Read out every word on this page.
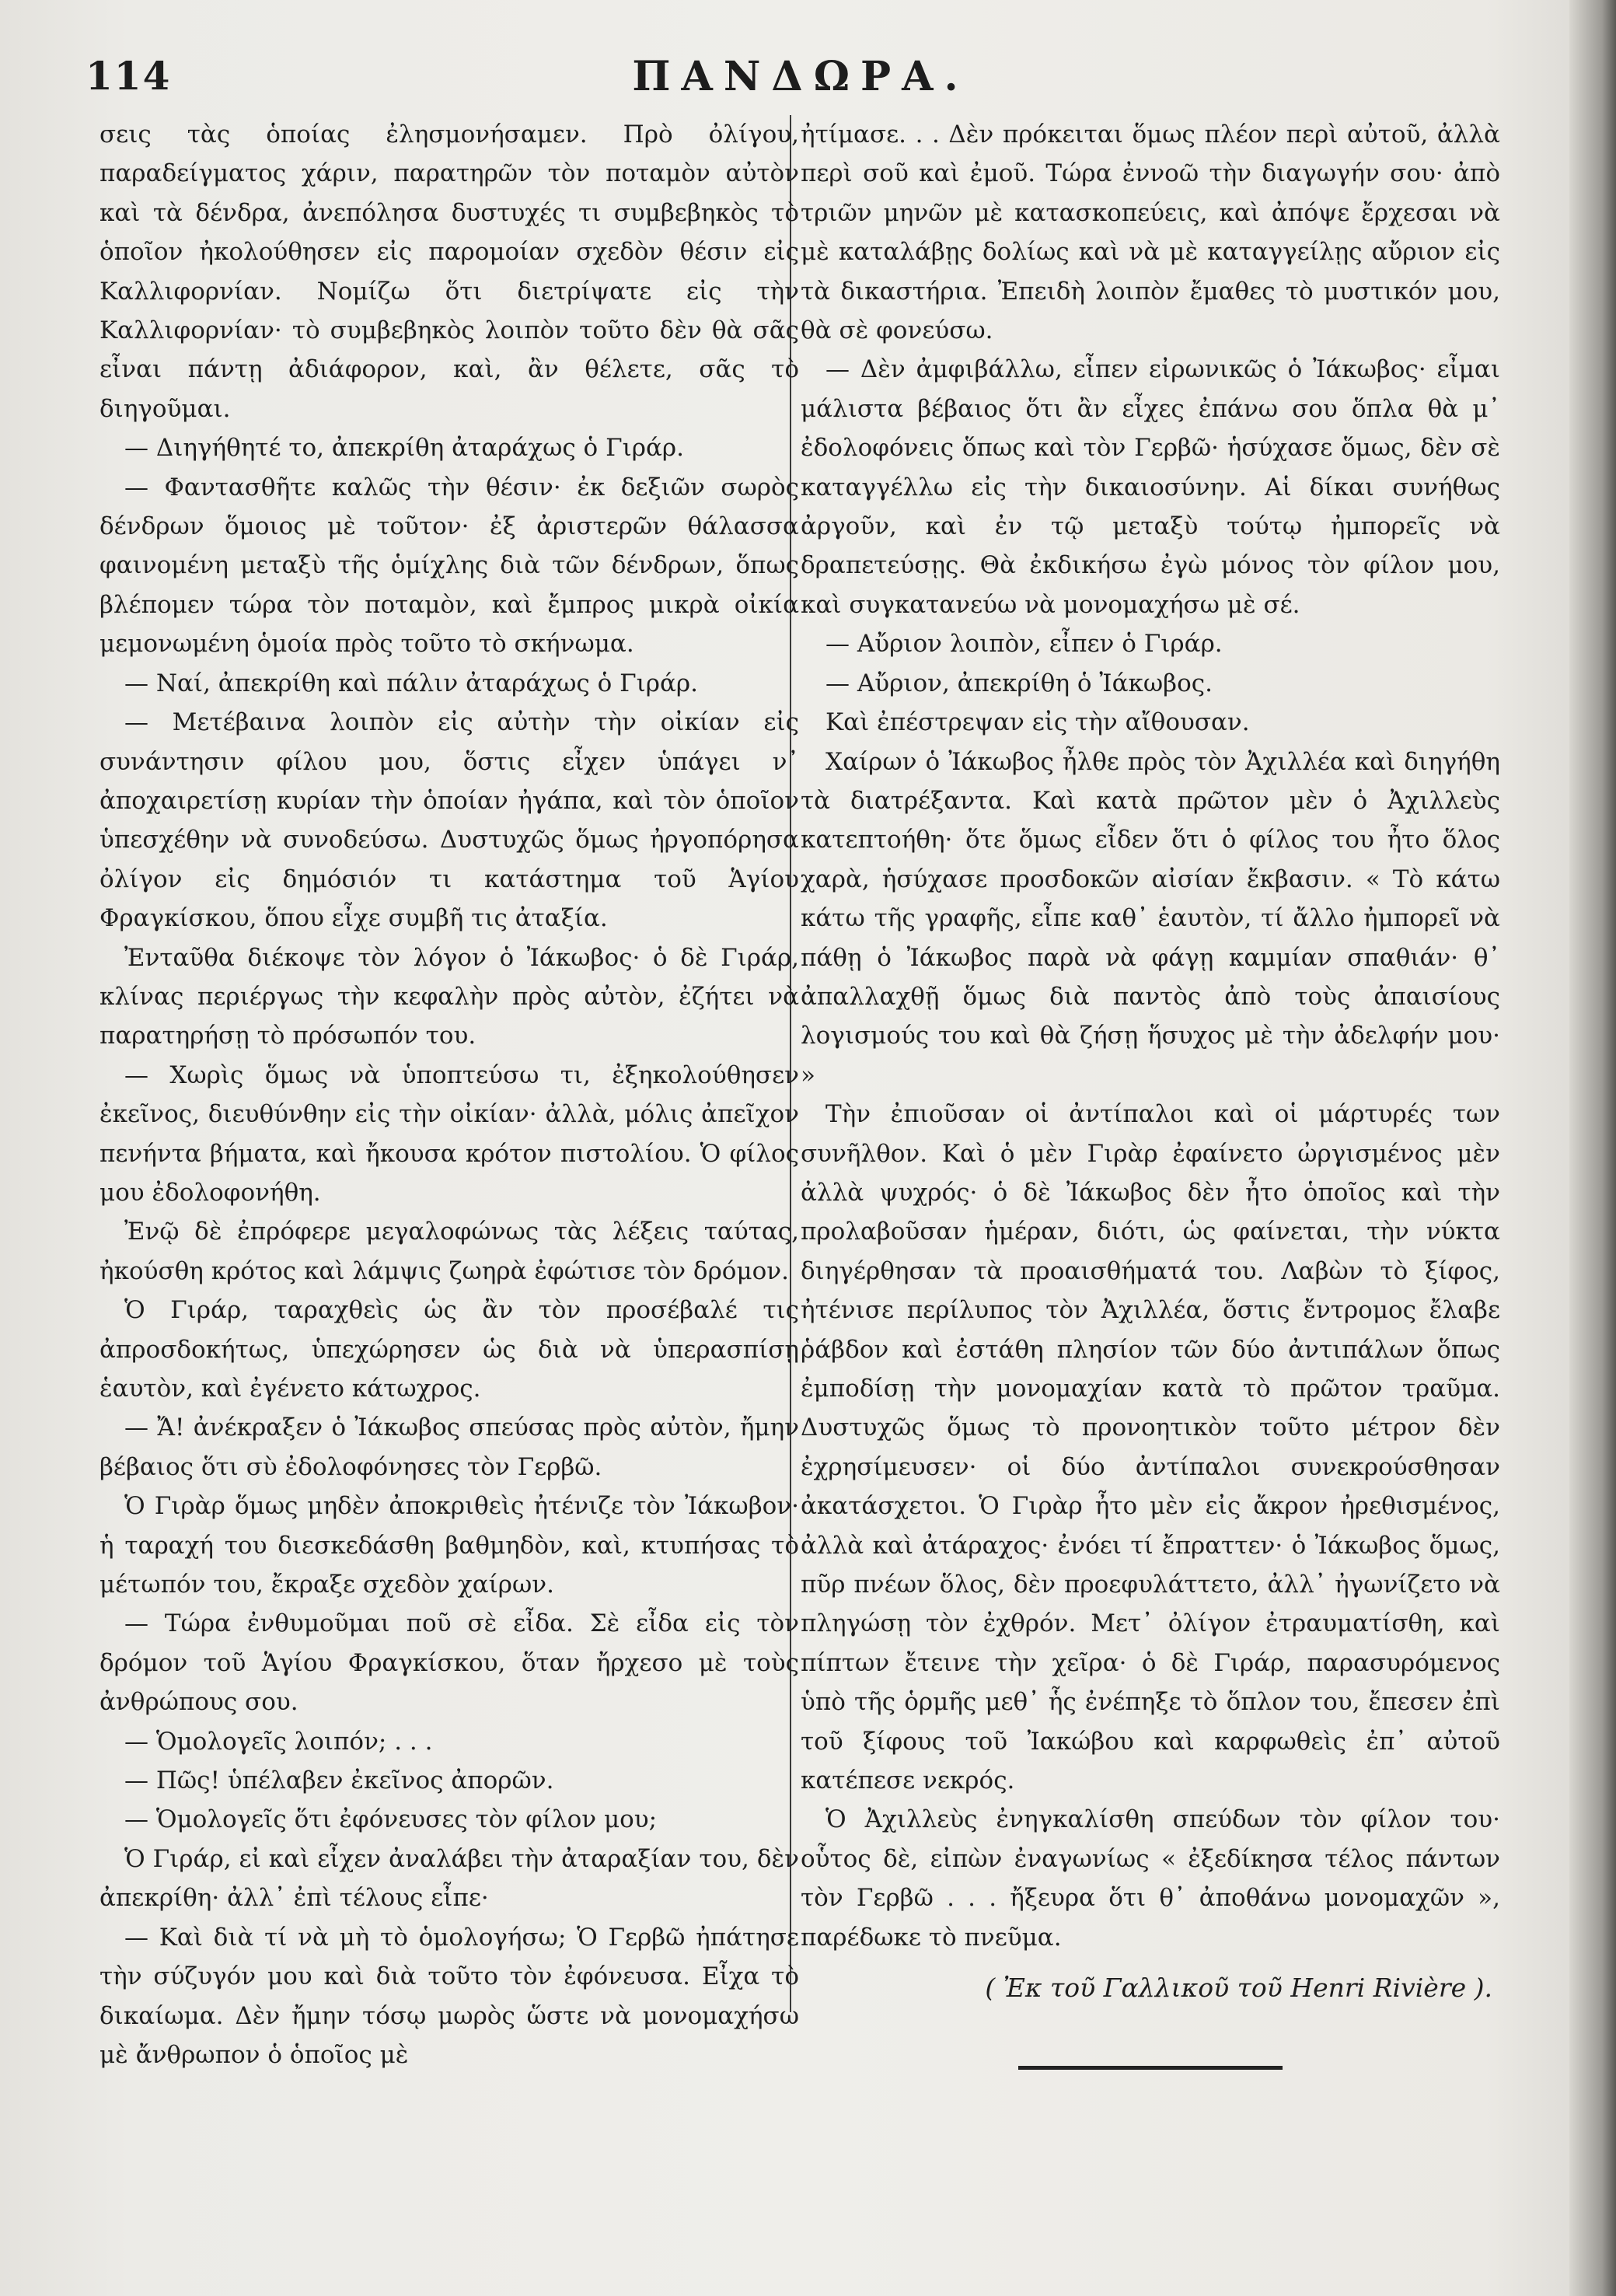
114	ΠΑΝΔΩΡΑ.

σεις τὰς ὁποίας ἐλησμονήσαμεν. Πρὸ ὀλίγου, παραδείγματος χάριν, παρατηρῶν τὸν ποταμὸν αὐτὸν καὶ τὰ δένδρα, ἀνεπόλησα δυστυχές τι συμβεβηκὸς τὸ ὁποῖον ἠκολούθησεν εἰς παρομοίαν σχεδὸν θέσιν εἰς Καλλιφορνίαν. Νομίζω ὅτι διετρίψατε εἰς τὴν Καλλιφορνίαν· τὸ συμβεβηκὸς λοιπὸν τοῦτο δὲν θὰ σᾶς εἶναι πάντῃ ἀδιάφορον, καὶ, ἂν θέλετε, σᾶς τὸ διηγοῦμαι.

— Διηγήθητέ το, ἀπεκρίθη ἀταράχως ὁ Γιράρ.

— Φαντασθῆτε καλῶς τὴν θέσιν· ἐκ δεξιῶν σωρὸς δένδρων ὅμοιος μὲ τοῦτον· ἐξ ἀριστερῶν θάλασσα φαινομένη μεταξὺ τῆς ὁμίχλης διὰ τῶν δένδρων, ὅπως βλέπομεν τώρα τὸν ποταμὸν, καὶ ἔμπρος μικρὰ οἰκία μεμονωμένη ὁμοία πρὸς τοῦτο τὸ σκήνωμα.

— Ναί, ἀπεκρίθη καὶ πάλιν ἀταράχως ὁ Γιράρ.

— Μετέβαινα λοιπὸν εἰς αὐτὴν τὴν οἰκίαν εἰς συνάντησιν φίλου μου, ὅστις εἶχεν ὑπάγει ν᾽ ἀποχαιρετίσῃ κυρίαν τὴν ὁποίαν ἠγάπα, καὶ τὸν ὁποῖον ὑπεσχέθην νὰ συνοδεύσω. Δυστυχῶς ὅμως ἠργοπόρησα ὀλίγον εἰς δημόσιόν τι κατάστημα τοῦ Ἁγίου Φραγκίσκου, ὅπου εἶχε συμβῆ τις ἀταξία.

Ἐνταῦθα διέκοψε τὸν λόγον ὁ Ἰάκωβος· ὁ δὲ Γιράρ, κλίνας περιέργως τὴν κεφαλὴν πρὸς αὐτὸν, ἐζήτει νὰ παρατηρήσῃ τὸ πρόσωπόν του.

— Χωρὶς ὅμως νὰ ὑποπτεύσω τι, ἐξηκολούθησεν ἐκεῖνος, διευθύνθην εἰς τὴν οἰκίαν· ἀλλὰ, μόλις ἀπεῖχον πενήντα βήματα, καὶ ἤκουσα κρότον πιστολίου. Ὁ φίλος μου ἐδολοφονήθη.

Ἐνῷ δὲ ἐπρόφερε μεγαλοφώνως τὰς λέξεις ταύτας, ἠκούσθη κρότος καὶ λάμψις ζωηρὰ ἐφώτισε τὸν δρόμον.

Ὁ Γιράρ, ταραχθεὶς ὡς ἂν τὸν προσέβαλέ τις ἀπροσδοκήτως, ὑπεχώρησεν ὡς διὰ νὰ ὑπερασπίσῃ ἑαυτὸν, καὶ ἐγένετο κάτωχρος.

— Ἄ! ἀνέκραξεν ὁ Ἰάκωβος σπεύσας πρὸς αὐτὸν, ἤμην βέβαιος ὅτι σὺ ἐδολοφόνησες τὸν Γερβῶ.

Ὁ Γιρὰρ ὅμως μηδὲν ἀποκριθεὶς ἠτένιζε τὸν Ἰάκωβον· ἡ ταραχή του διεσκεδάσθη βαθμηδὸν, καὶ, κτυπήσας τὸ μέτωπόν του, ἔκραξε σχεδὸν χαίρων.

— Τώρα ἐνθυμοῦμαι ποῦ σὲ εἶδα. Σὲ εἶδα εἰς τὸν δρόμον τοῦ Ἁγίου Φραγκίσκου, ὅταν ἤρχεσο μὲ τοὺς ἀνθρώπους σου.

— Ὁμολογεῖς λοιπόν; . . .

— Πῶς! ὑπέλαβεν ἐκεῖνος ἀπορῶν.

— Ὁμολογεῖς ὅτι ἐφόνευσες τὸν φίλον μου;

Ὁ Γιράρ, εἰ καὶ εἶχεν ἀναλάβει τὴν ἀταραξίαν του, δὲν ἀπεκρίθη· ἀλλ᾽ ἐπὶ τέλους εἶπε·

— Καὶ διὰ τί νὰ μὴ τὸ ὁμολογήσω; Ὁ Γερβῶ ἠπάτησε τὴν σύζυγόν μου καὶ διὰ τοῦτο τὸν ἐφόνευσα. Εἶχα τὸ δικαίωμα. Δὲν ἤμην τόσῳ μωρὸς ὥστε νὰ μονομαχήσω μὲ ἄνθρωπον ὁ ὁποῖος μὲ

ἠτίμασε. . . Δὲν πρόκειται ὅμως πλέον περὶ αὐτοῦ, ἀλλὰ περὶ σοῦ καὶ ἐμοῦ. Τώρα ἐννοῶ τὴν διαγωγήν σου· ἀπὸ τριῶν μηνῶν μὲ κατασκοπεύεις, καὶ ἀπόψε ἔρχεσαι νὰ μὲ καταλάβῃς δολίως καὶ νὰ μὲ καταγγείλῃς αὔριον εἰς τὰ δικαστήρια. Ἐπειδὴ λοιπὸν ἔμαθες τὸ μυστικόν μου, θὰ σὲ φονεύσω.

— Δὲν ἀμφιβάλλω, εἶπεν εἰρωνικῶς ὁ Ἰάκωβος· εἶμαι μάλιστα βέβαιος ὅτι ἂν εἶχες ἐπάνω σου ὅπλα θὰ μ᾽ ἐδολοφόνεις ὅπως καὶ τὸν Γερβῶ· ἡσύχασε ὅμως, δὲν σὲ καταγγέλλω εἰς τὴν δικαιοσύνην. Αἱ δίκαι συνήθως ἀργοῦν, καὶ ἐν τῷ μεταξὺ τούτῳ ἠμπορεῖς νὰ δραπετεύσῃς. Θὰ ἐκδικήσω ἐγὼ μόνος τὸν φίλον μου, καὶ συγκατανεύω νὰ μονομαχήσω μὲ σέ.

— Αὔριον λοιπὸν, εἶπεν ὁ Γιράρ.

— Αὔριον, ἀπεκρίθη ὁ Ἰάκωβος.

Καὶ ἐπέστρεψαν εἰς τὴν αἴθουσαν.

Χαίρων ὁ Ἰάκωβος ἦλθε πρὸς τὸν Ἀχιλλέα καὶ διηγήθη τὰ διατρέξαντα. Καὶ κατὰ πρῶτον μὲν ὁ Ἀχιλλεὺς κατεπτοήθη· ὅτε ὅμως εἶδεν ὅτι ὁ φίλος του ἦτο ὅλος χαρὰ, ἡσύχασε προσδοκῶν αἰσίαν ἔκβασιν. « Τὸ κάτω κάτω τῆς γραφῆς, εἶπε καθ᾽ ἑαυτὸν, τί ἄλλο ἠμπορεῖ νὰ πάθῃ ὁ Ἰάκωβος παρὰ νὰ φάγῃ καμμίαν σπαθιάν· θ᾽ ἀπαλλαχθῇ ὅμως διὰ παντὸς ἀπὸ τοὺς ἀπαισίους λογισμούς του καὶ θὰ ζήσῃ ἥσυχος μὲ τὴν ἀδελφήν μου· »

Τὴν ἐπιοῦσαν οἱ ἀντίπαλοι καὶ οἱ μάρτυρές των συνῆλθον. Καὶ ὁ μὲν Γιρὰρ ἐφαίνετο ὠργισμένος μὲν ἀλλὰ ψυχρός· ὁ δὲ Ἰάκωβος δὲν ἦτο ὁποῖος καὶ τὴν προλαβοῦσαν ἡμέραν, διότι, ὡς φαίνεται, τὴν νύκτα διηγέρθησαν τὰ προαισθήματά του. Λαβὼν τὸ ξίφος, ἠτένισε περίλυπος τὸν Ἀχιλλέα, ὅστις ἔντρομος ἔλαβε ῥάβδον καὶ ἐστάθη πλησίον τῶν δύο ἀντιπάλων ὅπως ἐμποδίσῃ τὴν μονομαχίαν κατὰ τὸ πρῶτον τραῦμα. Δυστυχῶς ὅμως τὸ προνοητικὸν τοῦτο μέτρον δὲν ἐχρησίμευσεν· οἱ δύο ἀντίπαλοι συνεκρούσθησαν ἀκατάσχετοι. Ὁ Γιρὰρ ἦτο μὲν εἰς ἄκρον ἠρεθισμένος, ἀλλὰ καὶ ἀτάραχος· ἐνόει τί ἔπραττεν· ὁ Ἰάκωβος ὅμως, πῦρ πνέων ὅλος, δὲν προεφυλάττετο, ἀλλ᾽ ἠγωνίζετο νὰ πληγώσῃ τὸν ἐχθρόν. Μετ᾽ ὀλίγον ἐτραυματίσθη, καὶ πίπτων ἔτεινε τὴν χεῖρα· ὁ δὲ Γιράρ, παρασυρόμενος ὑπὸ τῆς ὁρμῆς μεθ᾽ ἧς ἐνέπηξε τὸ ὅπλον του, ἔπεσεν ἐπὶ τοῦ ξίφους τοῦ Ἰακώβου καὶ καρφωθεὶς ἐπ᾽ αὐτοῦ κατέπεσε νεκρός.

Ὁ Ἀχιλλεὺς ἐνηγκαλίσθη σπεύδων τὸν φίλον του· οὗτος δὲ, εἰπὼν ἐναγωνίως « ἐξεδίκησα τέλος πάντων τὸν Γερβῶ . . . ἤξευρα ὅτι θ᾽ ἀποθάνω μονομαχῶν », παρέδωκε τὸ πνεῦμα.

( Ἐκ τοῦ Γαλλικοῦ τοῦ Henri Rivière ).
